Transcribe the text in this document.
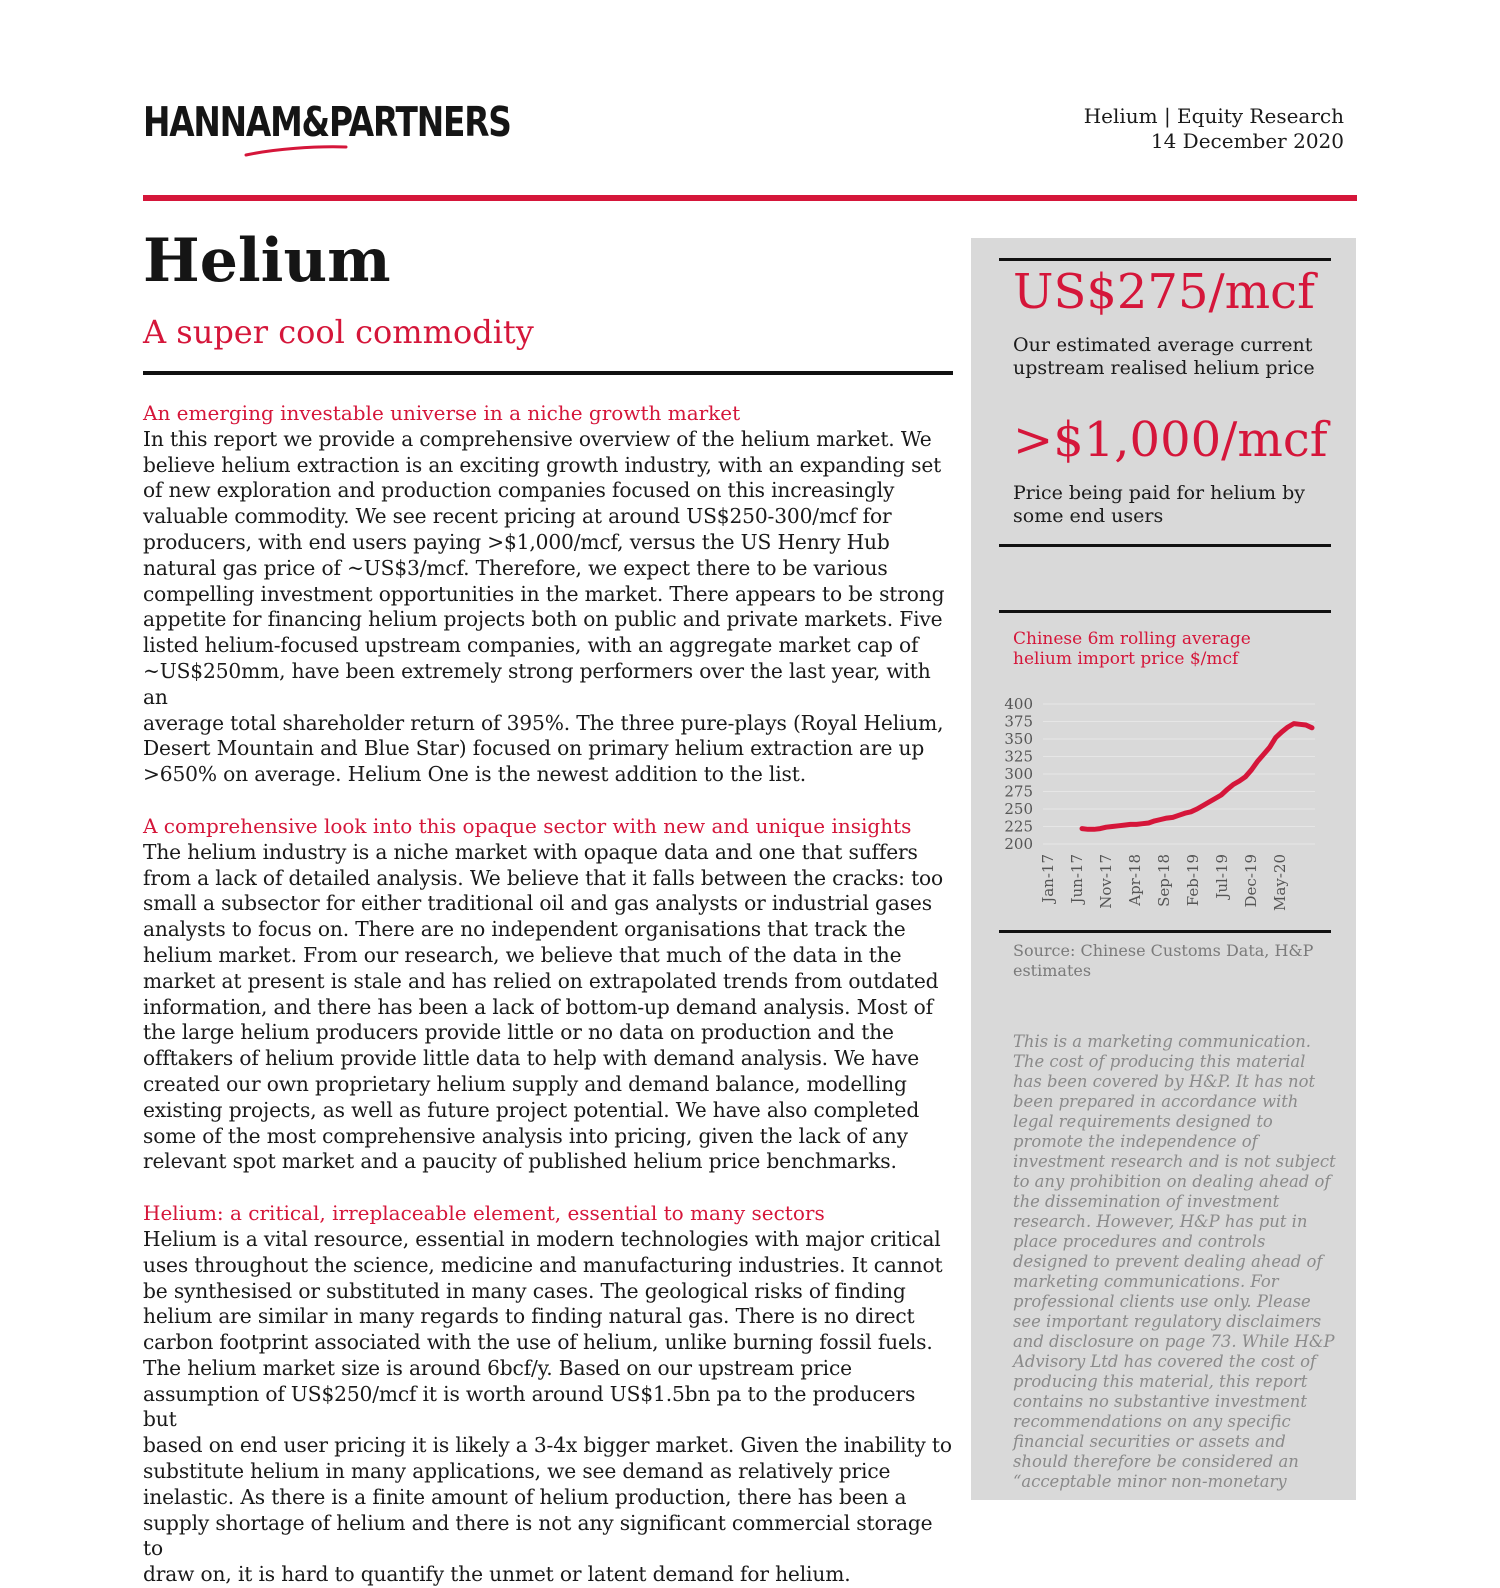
HANNAM&PARTNERS	Helium | Equity Research
14 December 2020
Helium
A super cool commodity

An emerging investable universe in a niche growth market

In this report we provide a comprehensive overview of the helium market. We
believe helium extraction is an exciting growth industry, with an expanding set
of new exploration and production companies focused on this increasingly
valuable commodity. We see recent pricing at around US$250-300/mcf for
producers, with end users paying >$1,000/mcf, versus the US Henry Hub
natural gas price of ~US$3/mcf. Therefore, we expect there to be various
compelling investment opportunities in the market. There appears to be strong
appetite for financing helium projects both on public and private markets. Five
listed helium-focused upstream companies, with an aggregate market cap of
~US$250mm, have been extremely strong performers over the last year, with an
average total shareholder return of 395%. The three pure-plays (Royal Helium,
Desert Mountain and Blue Star) focused on primary helium extraction are up
>650% on average. Helium One is the newest addition to the list.

A comprehensive look into this opaque sector with new and unique insights

The helium industry is a niche market with opaque data and one that suffers
from a lack of detailed analysis. We believe that it falls between the cracks: too
small a subsector for either traditional oil and gas analysts or industrial gases
analysts to focus on. There are no independent organisations that track the
helium market. From our research, we believe that much of the data in the
market at present is stale and has relied on extrapolated trends from outdated
information, and there has been a lack of bottom-up demand analysis. Most of
the large helium producers provide little or no data on production and the
offtakers of helium provide little data to help with demand analysis. We have
created our own proprietary helium supply and demand balance, modelling
existing projects, as well as future project potential. We have also completed
some of the most comprehensive analysis into pricing, given the lack of any
relevant spot market and a paucity of published helium price benchmarks.

Helium: a critical, irreplaceable element, essential to many sectors

Helium is a vital resource, essential in modern technologies with major critical
uses throughout the science, medicine and manufacturing industries. It cannot
be synthesised or substituted in many cases. The geological risks of finding
helium are similar in many regards to finding natural gas. There is no direct
carbon footprint associated with the use of helium, unlike burning fossil fuels.
The helium market size is around 6bcf/y. Based on our upstream price
assumption of US$250/mcf it is worth around US$1.5bn pa to the producers but
based on end user pricing it is likely a 3-4x bigger market. Given the inability to
substitute helium in many applications, we see demand as relatively price
inelastic. As there is a finite amount of helium production, there has been a
supply shortage of helium and there is not any significant commercial storage to
draw on, it is hard to quantify the unmet or latent demand for helium.

US$275/mcf

Our estimated average current upstream realised helium price

>$1,000/mcf

Price being paid for helium by some end users

Chinese 6m rolling average helium import price $/mcf

200
225
250
275
300
325
350
375
400
Jan-17 Jun-17 Nov-17 Apr-18 Sep-18 Feb-19 Jul-19 Dec-19 May-20

Source: Chinese Customs Data, H&P estimates

This is a marketing communication.
The cost of producing this material
has been covered by H&P. It has not
been prepared in accordance with
legal requirements designed to
promote the independence of
investment research and is not subject
to any prohibition on dealing ahead of
the dissemination of investment
research. However, H&P has put in
place procedures and controls
designed to prevent dealing ahead of
marketing communications. For
professional clients use only. Please
see important regulatory disclaimers
and disclosure on page 73. While H&P
Advisory Ltd has covered the cost of
producing this material, this report
contains no substantive investment
recommendations on any specific
financial securities or assets and
should therefore be considered an
“acceptable minor non-monetary
